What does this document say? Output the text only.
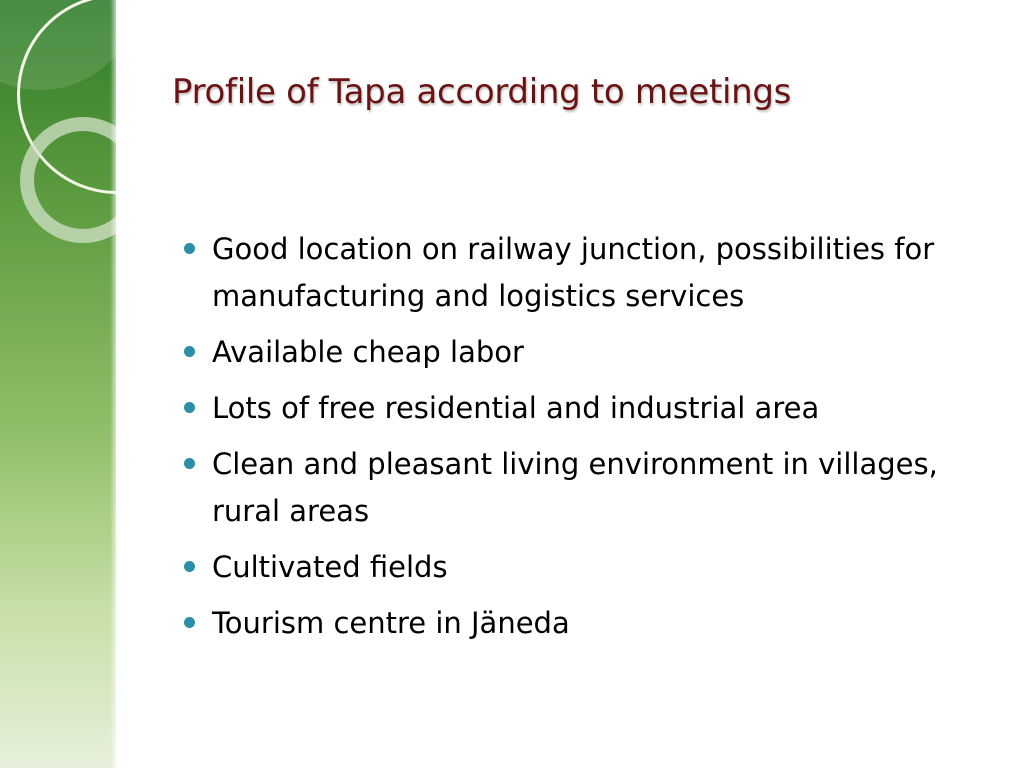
Profile of Tapa according to meetings
Good location on railway junction, possibilities for manufacturing and logistics services
Available cheap labor
Lots of free residential and industrial area
Clean and pleasant living environment in villages, rural areas
Cultivated fields
Tourism centre in Jäneda
